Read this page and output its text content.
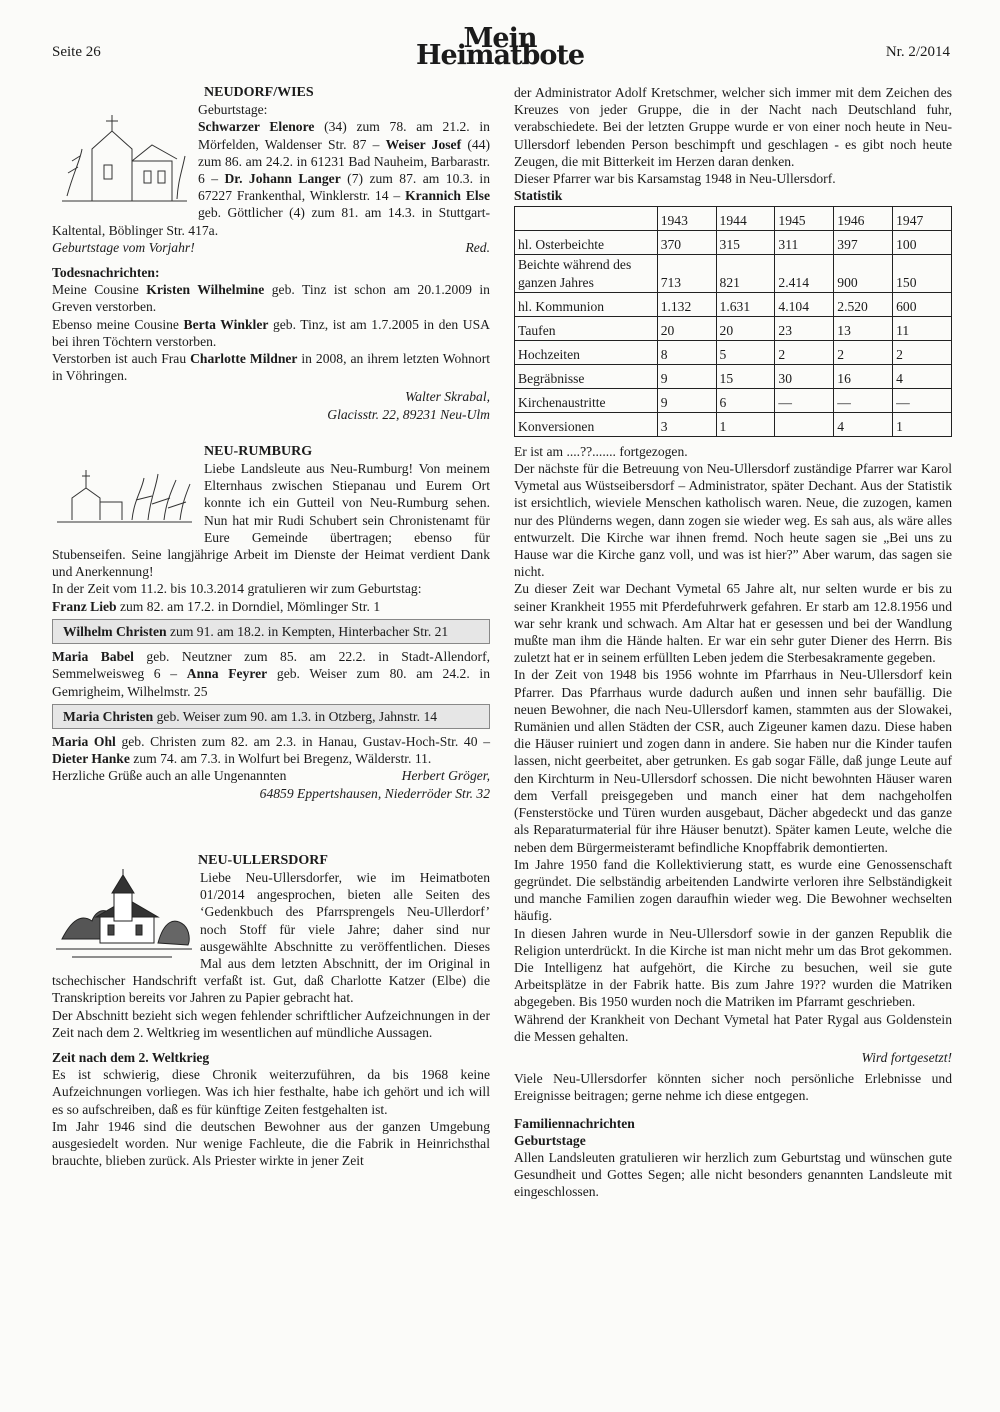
Seite 26	Mein Heimatbote	Nr. 2/2014
NEUDORF/WIES

Geburtstage:
Schwarzer Elenore (34) zum 78. am 21.2. in Mörfelden, Waldenser Str. 87 – Weiser Josef (44) zum 86. am 24.2. in 61231 Bad Nauheim, Barbarastr. 6 – Dr. Johann Langer (7) zum 87. am 10.3. in 67227 Frankenthal, Winklerstr. 14 – Krannich Else geb. Göttlicher (4) zum 81. am 14.3. in Stuttgart-Kaltental, Böblinger Str. 417a.

Geburtstage vom Vorjahr!	Red.
Todesnachrichten:

Meine Cousine Kristen Wilhelmine geb. Tinz ist schon am 20.1.2009 in Greven verstorben.

Ebenso meine Cousine Berta Winkler geb. Tinz, ist am 1.7.2005 in den USA bei ihren Töchtern verstorben.

Verstorben ist auch Frau Charlotte Mildner in 2008, an ihrem letzten Wohnort in Vöhringen.

Walter Skrabal,
Glacisstr. 22, 89231 Neu-Ulm
NEU-RUMBURG

Liebe Landsleute aus Neu-Rumburg! Von meinem Elternhaus zwischen Stiepanau und Eurem Ort konnte ich ein Gutteil von Neu-Rumburg sehen. Nun hat mir Rudi Schubert sein Chronistenamt für Eure Gemeinde übertragen; ebenso für Stubenseifen. Seine langjährige Arbeit im Dienste der Heimat verdient Dank und Anerkennung!

In der Zeit vom 11.2. bis 10.3.2014 gratulieren wir zum Geburtstag:

Franz Lieb zum 82. am 17.2. in Dorndiel, Mömlinger Str. 1

Wilhelm Christen zum 91. am 18.2. in Kempten, Hinterbacher Str. 21

Maria Babel geb. Neutzner zum 85. am 22.2. in Stadt-Allendorf, Semmelweisweg 6 – Anna Feyrer geb. Weiser zum 80. am 24.2. in Gemrigheim, Wilhelmstr. 25

Maria Christen geb. Weiser zum 90. am 1.3. in Otzberg, Jahnstr. 14

Maria Ohl geb. Christen zum 82. am 2.3. in Hanau, Gustav-Hoch-Str. 40 – Dieter Hanke zum 74. am 7.3. in Wolfurt bei Bregenz, Wälderstr. 11.

Herzliche Grüße auch an alle Ungenannten	Herbert Gröger,
64859 Eppertshausen, Niederröder Str. 32
NEU-ULLERSDORF

Liebe Neu-Ullersdorfer, wie im Heimatboten 01/2014 angesprochen, bieten alle Seiten des ‘Gedenkbuch des Pfarrsprengels Neu-Ullerdorf’ noch Stoff für viele Jahre; daher sind nur ausgewählte Abschnitte zu veröffentlichen. Dieses Mal aus dem letzten Abschnitt, der im Original in tschechischer Handschrift verfaßt ist. Gut, daß Charlotte Katzer (Elbe) die Transkription bereits vor Jahren zu Papier gebracht hat.

Der Abschnitt bezieht sich wegen fehlender schriftlicher Aufzeichnungen in der Zeit nach dem 2. Weltkrieg im wesentlichen auf mündliche Aussagen.

Zeit nach dem 2. Weltkrieg

Es ist schwierig, diese Chronik weiterzuführen, da bis 1968 keine Aufzeichnungen vorliegen. Was ich hier festhalte, habe ich gehört und ich will es so aufschreiben, daß es für künftige Zeiten festgehalten ist.

Im Jahr 1946 sind die deutschen Bewohner aus der ganzen Umgebung ausgesiedelt worden. Nur wenige Fachleute, die die Fabrik in Heinrichsthal brauchte, blieben zurück. Als Priester wirkte in jener Zeit

der Administrator Adolf Kretschmer, welcher sich immer mit dem Zeichen des Kreuzes von jeder Gruppe, die in der Nacht nach Deutschland fuhr, verabschiedete. Bei der letzten Gruppe wurde er von einer noch heute in Neu-Ullersdorf lebenden Person beschimpft und geschlagen - es gibt noch heute Zeugen, die mit Bitterkeit im Herzen daran denken.

Dieser Pfarrer war bis Karsamstag 1948 in Neu-Ullersdorf.

Statistik
	1943	1944	1945	1946	1947
hl. Osterbeichte	370	315	311	397	100
Beichte während des ganzen Jahres	713	821	2.414	900	150
hl. Kommunion	1.132	1.631	4.104	2.520	600
Taufen	20	20	23	13	11
Hochzeiten	8	5	2	2	2
Begräbnisse	9	15	30	16	4
Kirchenaustritte	9	6	—	—	—
Konversionen	3	1		4	1

Er ist am ....??....... fortgezogen.

Der nächste für die Betreuung von Neu-Ullersdorf zuständige Pfarrer war Karol Vymetal aus Wüstseibersdorf – Administrator, später Dechant. Aus der Statistik ist ersichtlich, wieviele Menschen katholisch waren. Neue, die zuzogen, kamen nur des Plünderns wegen, dann zogen sie wieder weg. Es sah aus, als wäre alles entwurzelt. Die Kirche war ihnen fremd. Noch heute sagen sie „Bei uns zu Hause war die Kirche ganz voll, und was ist hier?” Aber warum, das sagen sie nicht.

Zu dieser Zeit war Dechant Vymetal 65 Jahre alt, nur selten wurde er bis zu seiner Krankheit 1955 mit Pferdefuhrwerk gefahren. Er starb am 12.8.1956 und war sehr krank und schwach. Am Altar hat er gesessen und bei der Wandlung mußte man ihm die Hände halten. Er war ein sehr guter Diener des Herrn. Bis zuletzt hat er in seinem erfüllten Leben jedem die Sterbesakramente gegeben.

In der Zeit von 1948 bis 1956 wohnte im Pfarrhaus in Neu-Ullersdorf kein Pfarrer. Das Pfarrhaus wurde dadurch außen und innen sehr baufällig. Die neuen Bewohner, die nach Neu-Ullersdorf kamen, stammten aus der Slowakei, Rumänien und allen Städten der CSR, auch Zigeuner kamen dazu. Diese haben die Häuser ruiniert und zogen dann in andere. Sie haben nur die Kinder taufen lassen, nicht geerbeitet, aber getrunken. Es gab sogar Fälle, daß junge Leute auf den Kirchturm in Neu-Ullersdorf schossen. Die nicht bewohnten Häuser waren dem Verfall preisgegeben und manch einer hat dem nachgeholfen (Fensterstöcke und Türen wurden ausgebaut, Dächer abgedeckt und das ganze als Reparaturmaterial für ihre Häuser benutzt). Später kamen Leute, welche die neben dem Bürgermeisteramt befindliche Knopffabrik demontierten.

Im Jahre 1950 fand die Kollektivierung statt, es wurde eine Genossenschaft gegründet. Die selbständig arbeitenden Landwirte verloren ihre Selbständigkeit und manche Familien zogen daraufhin wieder weg. Die Bewohner wechselten häufig.

In diesen Jahren wurde in Neu-Ullersdorf sowie in der ganzen Republik die Religion unterdrückt. In die Kirche ist man nicht mehr um das Brot gekommen. Die Intelligenz hat aufgehört, die Kirche zu besuchen, weil sie gute Arbeitsplätze in der Fabrik hatte. Bis zum Jahre 19?? wurden die Matriken abgegeben. Bis 1950 wurden noch die Matriken im Pfarramt geschrieben.

Während der Krankheit von Dechant Vymetal hat Pater Rygal aus Goldenstein die Messen gehalten.

Wird fortgesetzt!

Viele Neu-Ullersdorfer könnten sicher noch persönliche Erlebnisse und Ereignisse beitragen; gerne nehme ich diese entgegen.

Familiennachrichten
Geburtstage

Allen Landsleuten gratulieren wir herzlich zum Geburtstag und wünschen gute Gesundheit und Gottes Segen; alle nicht besonders genannten Landsleute mit eingeschlossen.
